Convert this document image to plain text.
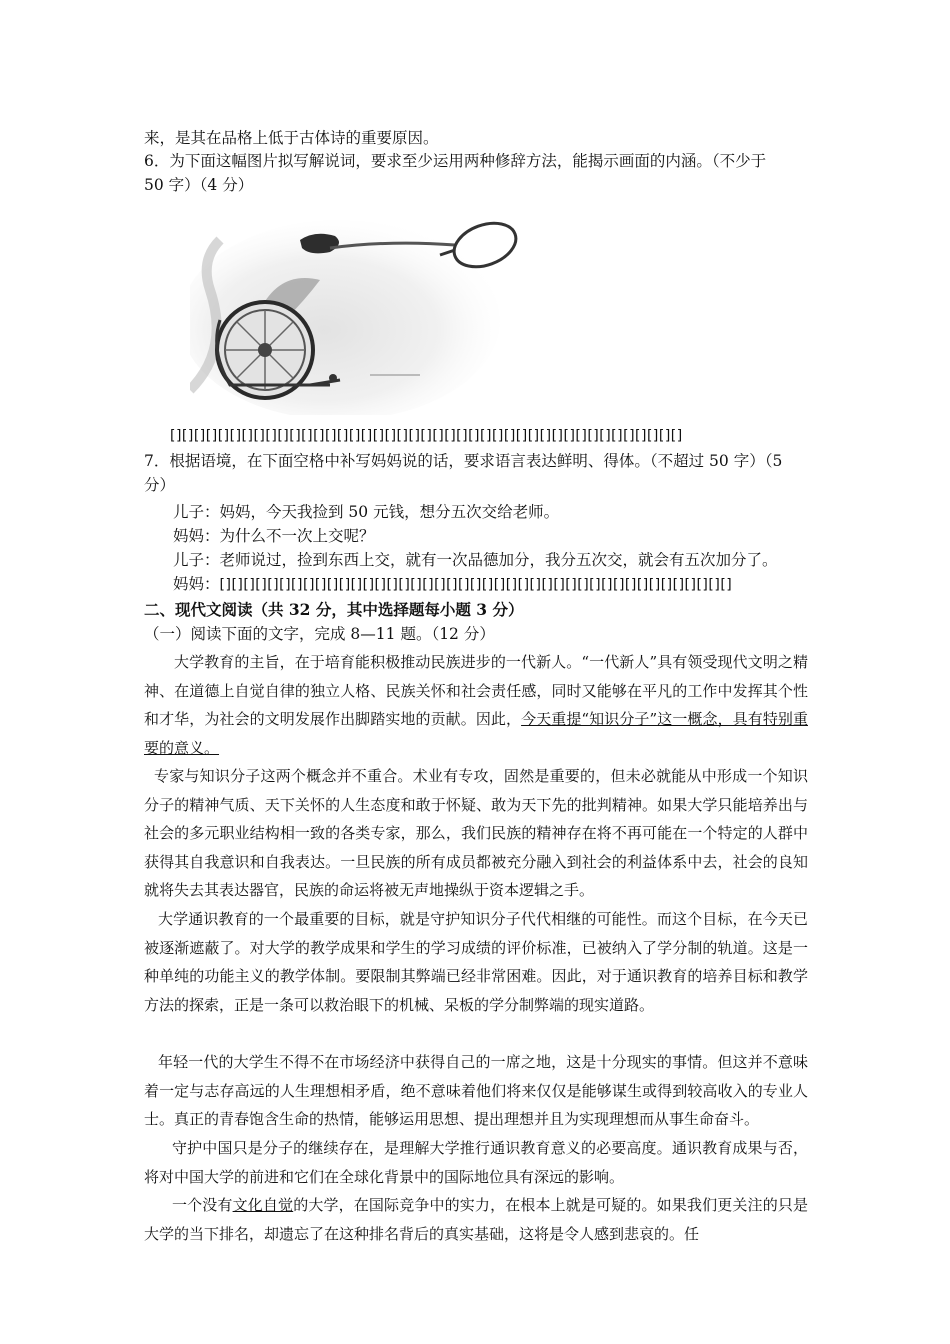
来，是其在品格上低于古体诗的重要原因。
6．为下面这幅图片拟写解说词，要求至少运用两种修辞方法，能揭示画面的内涵。（不少于
50 字）（4 分）
[][][][][][][][][][][][][][][][][][][][][][][][][][][][][][][][][][][][][][][][][][][]
7．根据语境，在下面空格中补写妈妈说的话，要求语言表达鲜明、得体。（不超过 50 字）（5
分）
儿子：妈妈，今天我捡到 50 元钱，想分五次交给老师。
妈妈：为什么不一次上交呢？
儿子：老师说过，捡到东西上交，就有一次品德加分，我分五次交，就会有五次加分了。
妈妈：[][][][][][][][][][][][][][][][][][][][][][][][][][][][][][][][][][][][][][][][][][][]
二、现代文阅读（共 32 分，其中选择题每小题 3 分）
（一）阅读下面的文字，完成 8—11 题。（12 分）
大学教育的主旨，在于培育能积极推动民族进步的一代新人。“一代新人”具有领受现代文明之精神、在道德上自觉自律的独立人格、民族关怀和社会责任感，同时又能够在平凡的工作中发挥其个性和才华，为社会的文明发展作出脚踏实地的贡献。因此，今天重提“知识分子”这一概念，具有特别重要的意义。
专家与知识分子这两个概念并不重合。术业有专攻，固然是重要的，但未必就能从中形成一个知识分子的精神气质、天下关怀的人生态度和敢于怀疑、敢为天下先的批判精神。如果大学只能培养出与社会的多元职业结构相一致的各类专家，那么，我们民族的精神存在将不再可能在一个特定的人群中获得其自我意识和自我表达。一旦民族的所有成员都被充分融入到社会的利益体系中去，社会的良知就将失去其表达器官，民族的命运将被无声地操纵于资本逻辑之手。
大学通识教育的一个最重要的目标，就是守护知识分子代代相继的可能性。而这个目标，在今天已被逐渐遮蔽了。对大学的教学成果和学生的学习成绩的评价标准，已被纳入了学分制的轨道。这是一种单纯的功能主义的教学体制。要限制其弊端已经非常困难。因此，对于通识教育的培养目标和教学方法的探索，正是一条可以救治眼下的机械、呆板的学分制弊端的现实道路。
年轻一代的大学生不得不在市场经济中获得自己的一席之地，这是十分现实的事情。但这并不意味着一定与志存高远的人生理想相矛盾，绝不意味着他们将来仅仅是能够谋生或得到较高收入的专业人士。真正的青春饱含生命的热情，能够运用思想、提出理想并且为实现理想而从事生命奋斗。
守护中国只是分子的继续存在，是理解大学推行通识教育意义的必要高度。通识教育成果与否，将对中国大学的前进和它们在全球化背景中的国际地位具有深远的影响。
一个没有文化自觉的大学，在国际竞争中的实力，在根本上就是可疑的。如果我们更关注的只是大学的当下排名，却遗忘了在这种排名背后的真实基础，这将是令人感到悲哀的。任
